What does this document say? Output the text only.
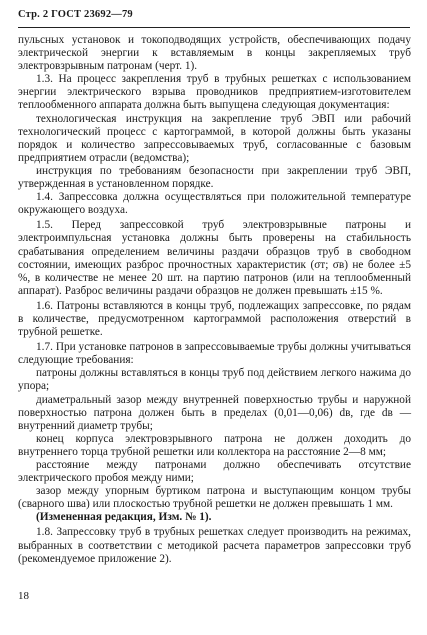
Стр. 2 ГОСТ 23692—79

пульсных установок и токоподводящих устройств, обеспечивающих подачу электрической энергии к вставляемым в концы закрепляемых труб электровзрывным патронам (черт. 1).

1.3. На процесс закрепления труб в трубных решетках с использованием энергии электрического взрыва проводников предприятием-изготовителем теплообменного аппарата должна быть выпущена следующая документация:

технологическая инструкция на закрепление труб ЭВП или рабочий технологический процесс с картограммой, в которой должны быть указаны порядок и количество запрессовываемых труб, согласованные с базовым предприятием отрасли (ведомства);

инструкция по требованиям безопасности при закреплении труб ЭВП, утвержденная в установленном порядке.

1.4. Запрессовка должна осуществляться при положительной температуре окружающего воздуха.

1.5. Перед запрессовкой труб электровзрывные патроны и электроимпульсная установка должны быть проверены на стабильность срабатывания определением величины раздачи образцов труб в свободном состоянии, имеющих разброс прочностных характеристик (σт; σв) не более ±5 %, в количестве не менее 20 шт. на партию патронов (или на теплообменный аппарат). Разброс величины раздачи образцов не должен превышать ±15 %.

1.6. Патроны вставляются в концы труб, подлежащих запрессовке, по рядам в количестве, предусмотренном картограммой расположения отверстий в трубной решетке.

1.7. При установке патронов в запрессовываемые трубы должны учитываться следующие требования:

патроны должны вставляться в концы труб под действием легкого нажима до упора;

диаметральный зазор между внутренней поверхностью трубы и наружной поверхностью патрона должен быть в пределах (0,01—0,06) dв, где dв — внутренний диаметр трубы;

конец корпуса электровзрывного патрона не должен доходить до внутреннего торца трубной решетки или коллектора на расстояние 2—8 мм;

расстояние между патронами должно обеспечивать отсутствие электрического пробоя между ними;

зазор между упорным буртиком патрона и выступающим концом трубы (сварного шва) или плоскостью трубной решетки не должен превышать 1 мм.

(Измененная редакция, Изм. № 1).

1.8. Запрессовку труб в трубных решетках следует производить на режимах, выбранных в соответствии с методикой расчета параметров запрессовки труб (рекомендуемое приложение 2).

18
